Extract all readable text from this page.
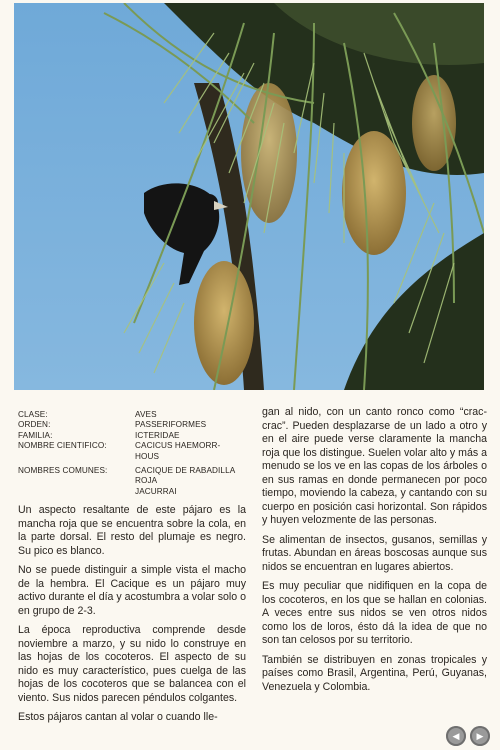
CLASE:	AVES
ORDEN:	PASSERIFORMES
FAMILIA:	ICTERIDAE
NOMBRE CIENTIFICO:	CACICUS HAEMORR-
HOUS
NOMBRES COMUNES:	CACIQUE DE RABADILLA
ROJA
JACURRAI

Un aspecto resaltante de este pájaro es la mancha roja que se encuentra sobre la cola, en la parte dorsal. El resto del plumaje es negro. Su pico es blanco.

No se puede distinguir a simple vista el macho de la hembra. El Cacique es un pájaro muy activo durante el día y acostumbra a volar solo o en grupo de 2-3.

La época reproductiva comprende desde noviembre a marzo, y su nido lo construye en las hojas de los cocoteros. El aspecto de su nido es muy característico, pues cuelga de las hojas de los cocoteros que se balancea con el viento. Sus nidos parecen péndulos colgantes.

Estos pájaros cantan al volar o cuando lle-

gan al nido, con un canto ronco como “crac-crac”. Pueden desplazarse de un lado a otro y en el aire puede verse claramente la mancha roja que los distingue. Suelen volar alto y más a menudo se los ve en las copas de los árboles o en sus ramas en donde permanecen por poco tiempo, moviendo la cabeza, y cantando con su cuerpo en posición casi horizontal. Son rápidos y huyen velozmente de las personas.

Se alimentan de insectos, gusanos, semillas y frutas. Abundan en áreas boscosas aunque sus nidos se encuentran en lugares abiertos.

Es muy peculiar que nidifiquen en la copa de los cocoteros, en los que se hallan en colonias. A veces entre sus nidos se ven otros nidos como los de loros, ésto dá la idea de que no son tan celosos por su territorio.

También se distribuyen en zonas tropicales y países como Brasil, Argentina, Perú, Guyanas, Venezuela y Colombia.

◀	▶
